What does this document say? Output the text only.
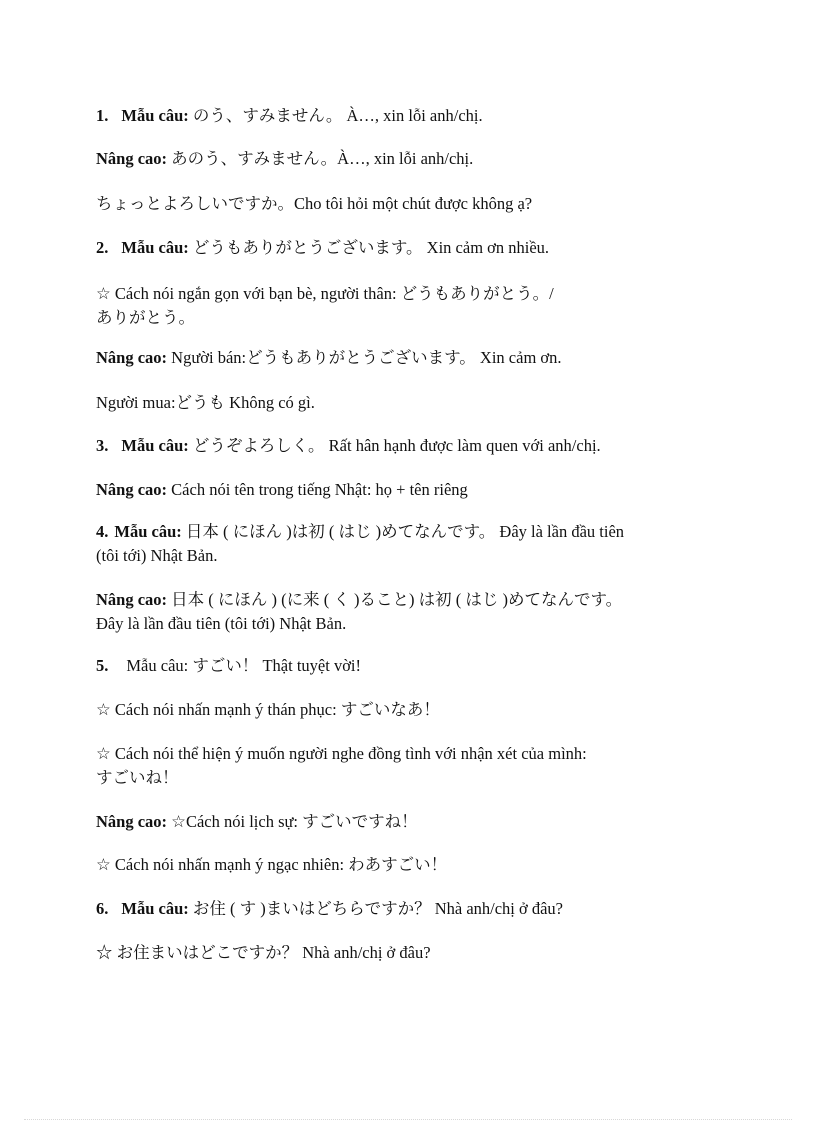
1. Mẫu câu: のう、すみません。 À…, xin lỗi anh/chị.
Nâng cao: あのう、すみません。À…, xin lỗi anh/chị.
ちょっとよろしいですか。Cho tôi hỏi một chút được không ạ?
2. Mẫu câu: どうもありがとうございます。 Xin cảm ơn nhiều.
☆ Cách nói ngắn gọn với bạn bè, người thân: どうもありがとう。/
ありがとう。
Nâng cao: Người bán:どうもありがとうございます。 Xin cảm ơn.
Người mua:どうも Không có gì.
3. Mẫu câu: どうぞよろしく。 Rất hân hạnh được làm quen với anh/chị.
Nâng cao: Cách nói tên trong tiếng Nhật: họ + tên riêng
4. Mẫu câu: 日本 ( にほん )は初 ( はじ )めてなんです。 Đây là lần đầu tiên
(tôi tới) Nhật Bản.
Nâng cao: 日本 ( にほん ) (に来 ( く )ること) は初 ( はじ )めてなんです。
Đây là lần đầu tiên (tôi tới) Nhật Bản.
5. Mẫu câu: すごい！ Thật tuyệt vời!
☆ Cách nói nhấn mạnh ý thán phục: すごいなあ！
☆ Cách nói thể hiện ý muốn người nghe đồng tình với nhận xét của mình:
すごいね！
Nâng cao: ☆Cách nói lịch sự: すごいですね！
☆ Cách nói nhấn mạnh ý ngạc nhiên: わあすごい！
6. Mẫu câu: お住 ( す )まいはどちらですか？ Nhà anh/chị ở đâu?
☆ お住まいはどこですか？ Nhà anh/chị ở đâu?
